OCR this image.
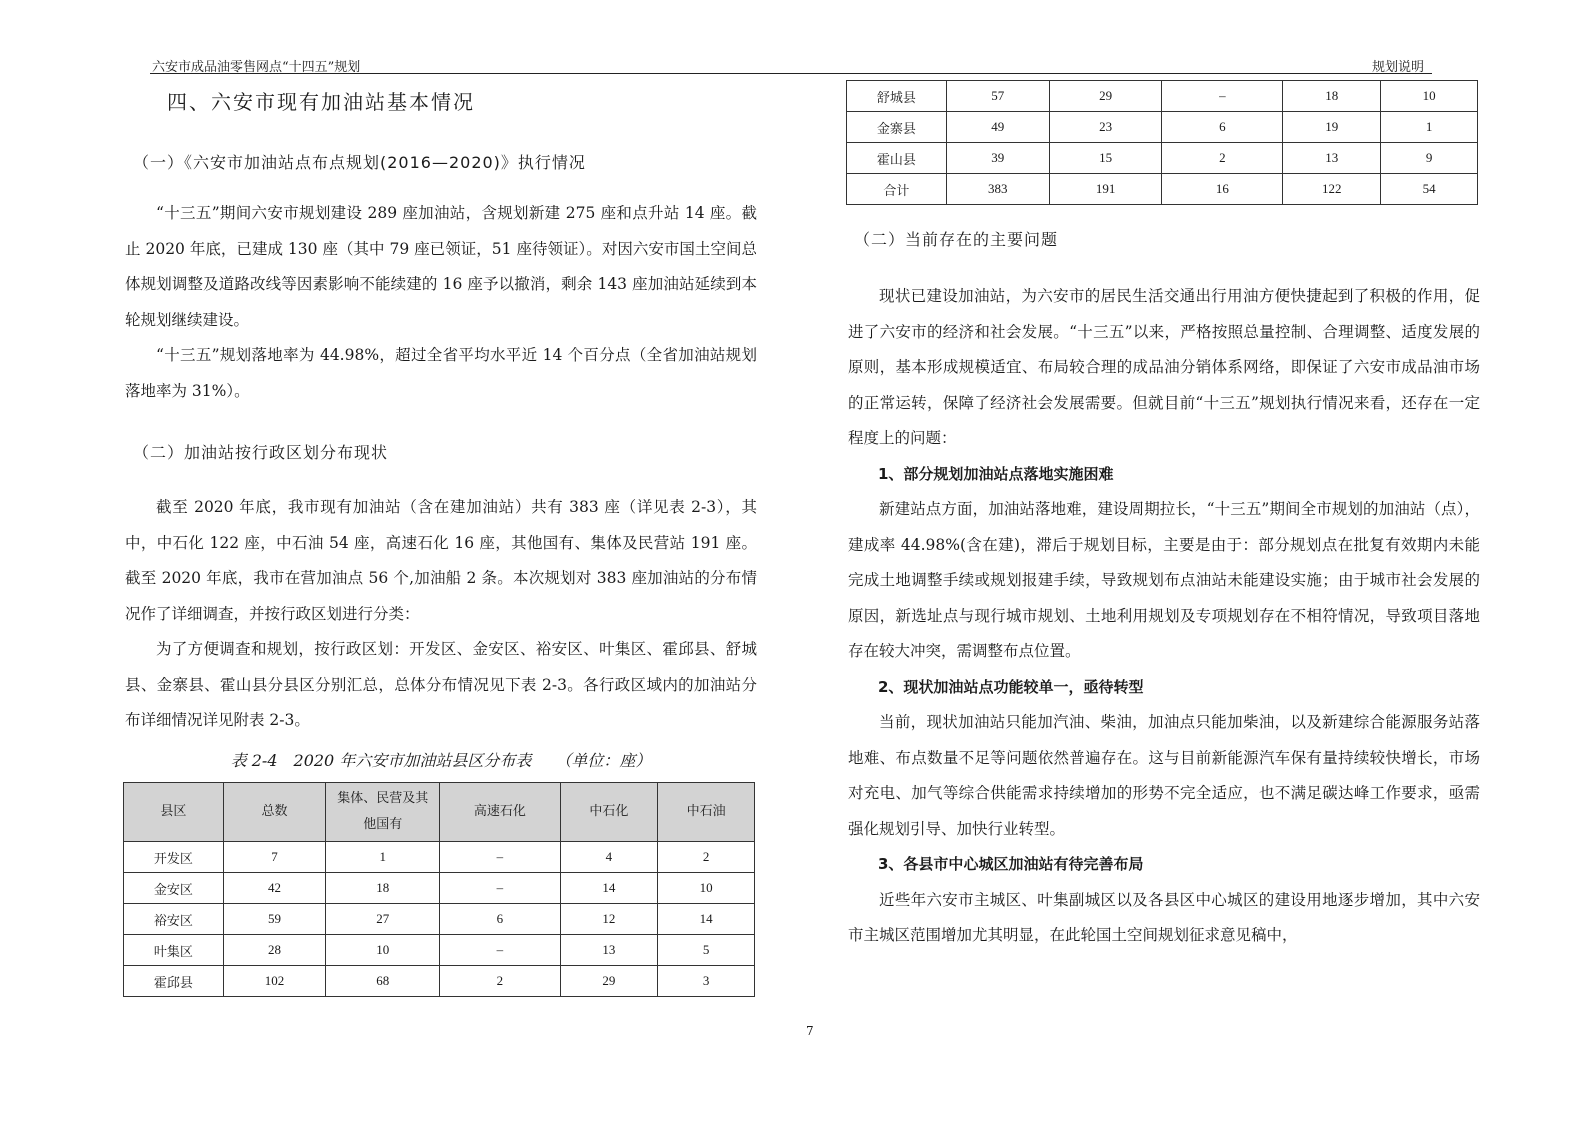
六安市成品油零售网点“十四五”规划	规划说明
四、六安市现有加油站基本情况
（一）《六安市加油站点布点规划(2016—2020)》执行情况

“十三五”期间六安市规划建设 289 座加油站，含规划新建 275 座和点升站 14 座。截止 2020 年底，已建成 130 座（其中 79 座已领证，51 座待领证）。对因六安市国土空间总体规划调整及道路改线等因素影响不能续建的 16 座予以撤消，剩余 143 座加油站延续到本轮规划继续建设。

“十三五”规划落地率为 44.98%，超过全省平均水平近 14 个百分点（全省加油站规划落地率为 31%）。

（二）加油站按行政区划分布现状

截至 2020 年底，我市现有加油站（含在建加油站）共有 383 座（详见表 2-3），其中，中石化 122 座，中石油 54 座，高速石化 16 座，其他国有、集体及民营站 191 座。截至 2020 年底，我市在营加油点 56 个,加油船 2 条。本次规划对 383 座加油站的分布情况作了详细调查，并按行政区划进行分类：

为了方便调查和规划，按行政区划：开发区、金安区、裕安区、叶集区、霍邱县、舒城县、金寨县、霍山县分县区分别汇总，总体分布情况见下表 2-3。各行政区域内的加油站分布详细情况详见附表 2-3。

表 2-4　2020 年六安市加油站县区分布表　　（单位：座）
县区	总数	集体、民营及其他国有	高速石化	中石化	中石油
开发区	7	1	–	4	2
金安区	42	18	–	14	10
裕安区	59	27	6	12	14
叶集区	28	10	–	13	5
霍邱县	102	68	2	29	3
舒城县	57	29	–	18	10
金寨县	49	23	6	19	1
霍山县	39	15	2	13	9
合计	383	191	16	122	54
（二）当前存在的主要问题

现状已建设加油站，为六安市的居民生活交通出行用油方便快捷起到了积极的作用，促进了六安市的经济和社会发展。“十三五”以来，严格按照总量控制、合理调整、适度发展的原则，基本形成规模适宜、布局较合理的成品油分销体系网络，即保证了六安市成品油市场的正常运转，保障了经济社会发展需要。但就目前“十三五”规划执行情况来看，还存在一定程度上的问题：

1、部分规划加油站点落地实施困难

新建站点方面，加油站落地难，建设周期拉长，“十三五”期间全市规划的加油站（点），建成率 44.98%(含在建)，滞后于规划目标，主要是由于：部分规划点在批复有效期内未能完成土地调整手续或规划报建手续，导致规划布点油站未能建设实施；由于城市社会发展的原因，新选址点与现行城市规划、土地利用规划及专项规划存在不相符情况，导致项目落地存在较大冲突，需调整布点位置。

2、现状加油站点功能较单一，亟待转型

当前，现状加油站只能加汽油、柴油，加油点只能加柴油，以及新建综合能源服务站落地难、布点数量不足等问题依然普遍存在。这与目前新能源汽车保有量持续较快增长，市场对充电、加气等综合供能需求持续增加的形势不完全适应，也不满足碳达峰工作要求，亟需强化规划引导、加快行业转型。

3、各县市中心城区加油站有待完善布局

近些年六安市主城区、叶集副城区以及各县区中心城区的建设用地逐步增加，其中六安市主城区范围增加尤其明显，在此轮国土空间规划征求意见稿中，

7
